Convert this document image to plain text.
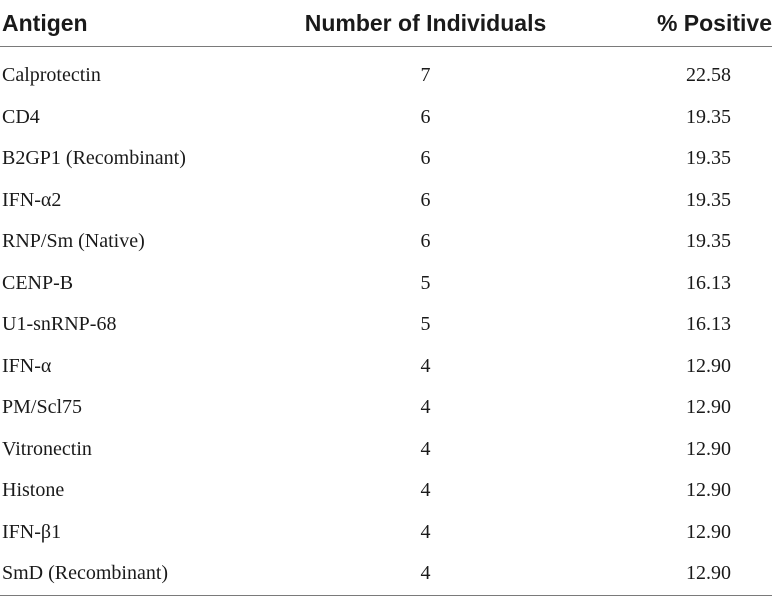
Antigen	Number of Individuals	% Positive
Calprotectin	7	22.58
CD4	6	19.35
B2GP1 (Recombinant)	6	19.35
IFN-α2	6	19.35
RNP/Sm (Native)	6	19.35
CENP-B	5	16.13
U1-snRNP-68	5	16.13
IFN-α	4	12.90
PM/Scl75	4	12.90
Vitronectin	4	12.90
Histone	4	12.90
IFN-β1	4	12.90
SmD (Recombinant)	4	12.90
